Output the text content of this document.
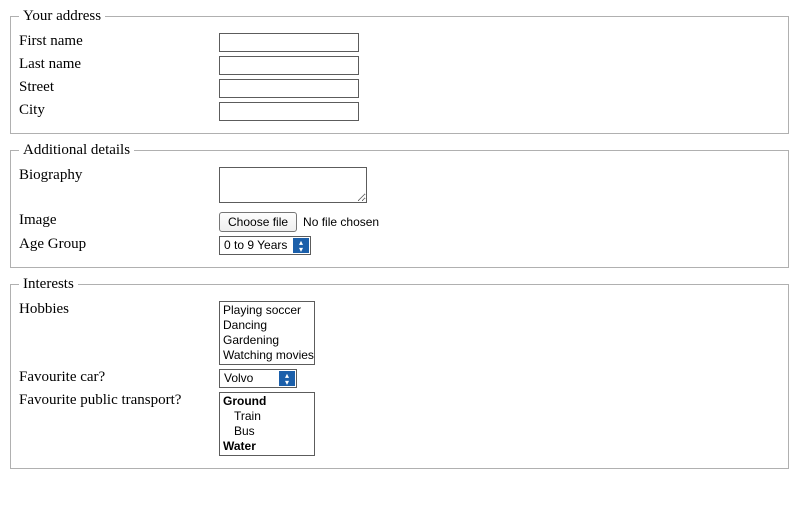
Your address
First name	
Last name	
Street	
City	
Additional details
Biography	
Image	Choose file No file chosen

Age Group	0 to 9 Years ▴
▾
Interests
Hobbies	Playing soccer
Dancing
Gardening
Watching movies

Favourite car?	Volvo ▴
▾

Favourite public transport?	Ground
Train
Bus
Water
